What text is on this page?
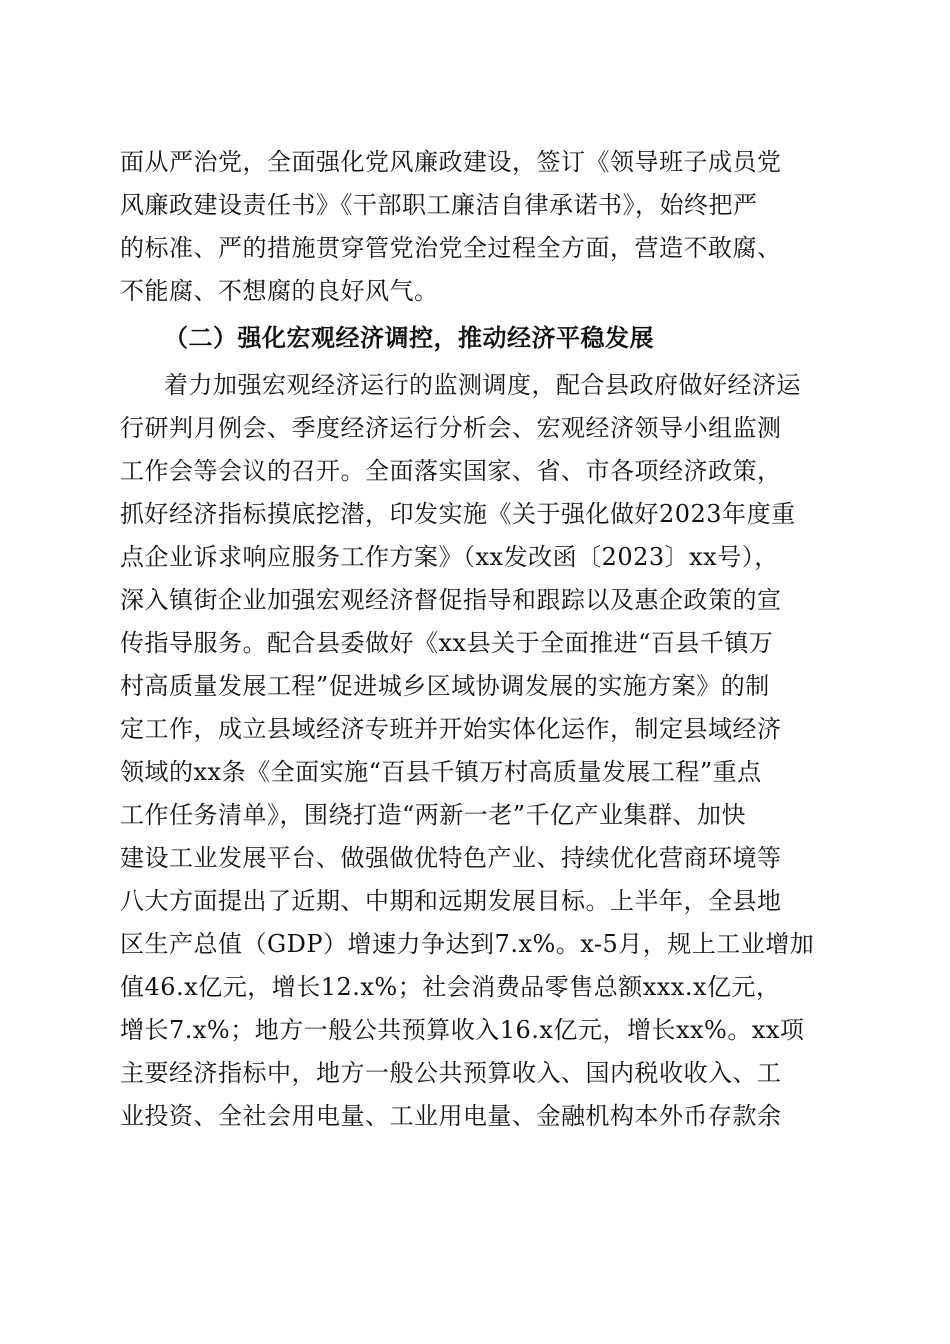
面从严治党，全面强化党风廉政建设，签订《领导班子成员党
风廉政建设责任书》《干部职工廉洁自律承诺书》，始终把严
的标准、严的措施贯穿管党治党全过程全方面，营造不敢腐、
不能腐、不想腐的良好风气。
（二）强化宏观经济调控，推动经济平稳发展
着力加强宏观经济运行的监测调度，配合县政府做好经济运
行研判月例会、季度经济运行分析会、宏观经济领导小组监测
工作会等会议的召开。全面落实国家、省、市各项经济政策，
抓好经济指标摸底挖潜，印发实施《关于强化做好2023年度重
点企业诉求响应服务工作方案》（xx发改函〔2023〕xx号），
深入镇街企业加强宏观经济督促指导和跟踪以及惠企政策的宣
传指导服务。配合县委做好《xx县关于全面推进“百县千镇万
村高质量发展工程”促进城乡区域协调发展的实施方案》的制
定工作，成立县域经济专班并开始实体化运作，制定县域经济
领域的xx条《全面实施“百县千镇万村高质量发展工程”重点
工作任务清单》，围绕打造“两新一老”千亿产业集群、加快
建设工业发展平台、做强做优特色产业、持续优化营商环境等
八大方面提出了近期、中期和远期发展目标。上半年，全县地
区生产总值（GDP）增速力争达到7.x%。x-5月，规上工业增加
值46.x亿元，增长12.x%；社会消费品零售总额xxx.x亿元，
增长7.x%；地方一般公共预算收入16.x亿元，增长xx%。xx项
主要经济指标中，地方一般公共预算收入、国内税收收入、工
业投资、全社会用电量、工业用电量、金融机构本外币存款余
